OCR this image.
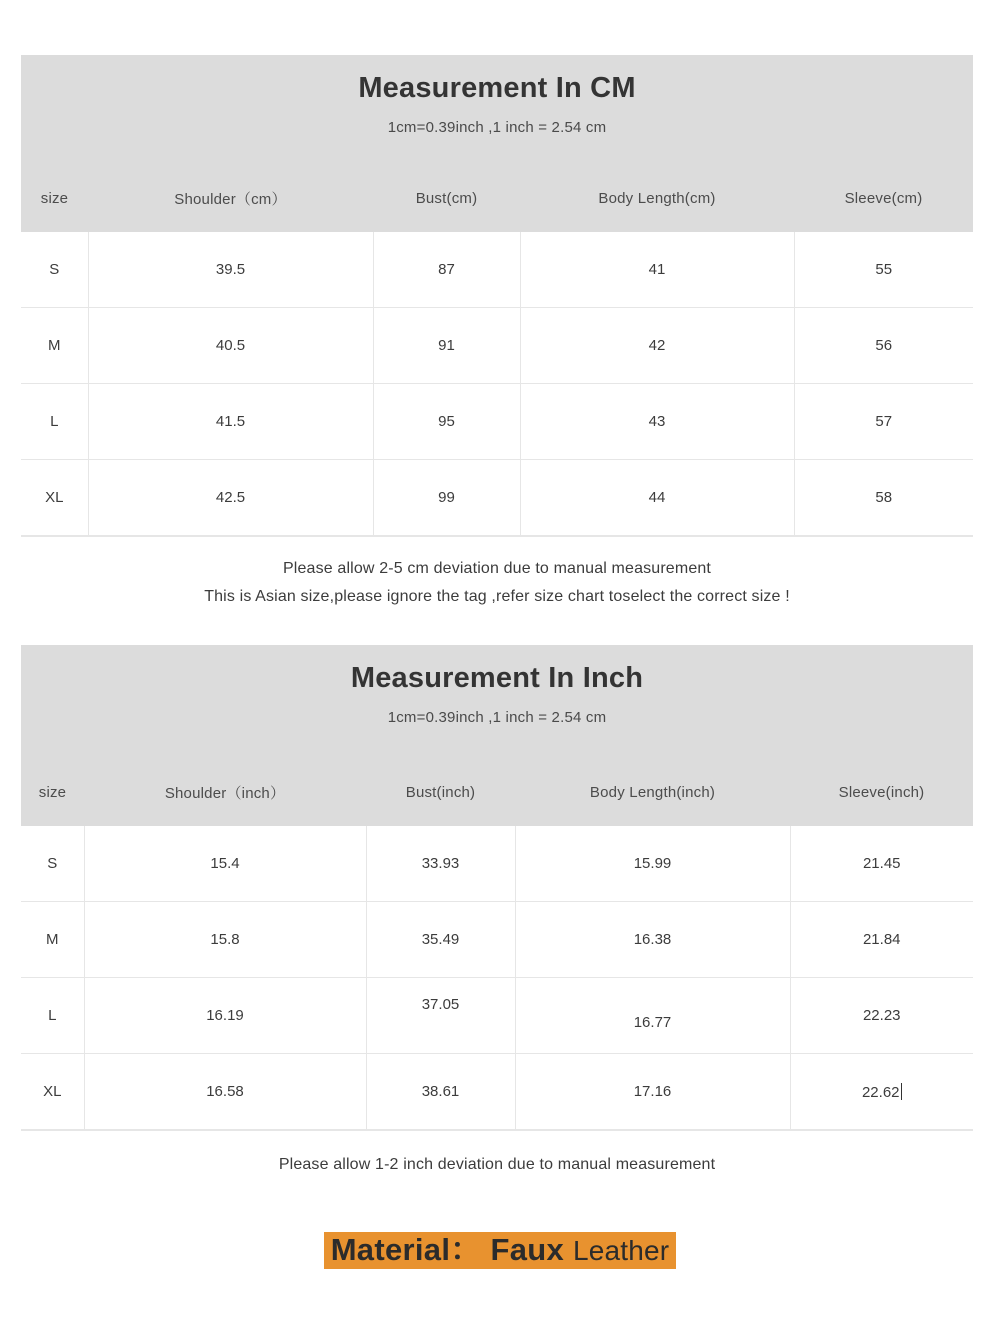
Measurement In CM
1cm=0.39inch ,1 inch = 2.54 cm
size	Shoulder（cm）	Bust(cm)	Body Length(cm)	Sleeve(cm)
S	39.5	87	41	55
M	40.5	91	42	56
L	41.5	95	43	57
XL	42.5	99	44	58
Please allow 2-5 cm deviation due to manual measurement
This is Asian size,please ignore the tag ,refer size chart toselect the correct size !
Measurement In Inch
1cm=0.39inch ,1 inch = 2.54 cm
size	Shoulder（inch）	Bust(inch)	Body Length(inch)	Sleeve(inch)
S	15.4	33.93	15.99	21.45
M	15.8	35.49	16.38	21.84
L	16.19	37.05	16.77	22.23
XL	16.58	38.61	17.16	22.62
Please allow 1-2 inch deviation due to manual measurement
Material： Faux Leather
